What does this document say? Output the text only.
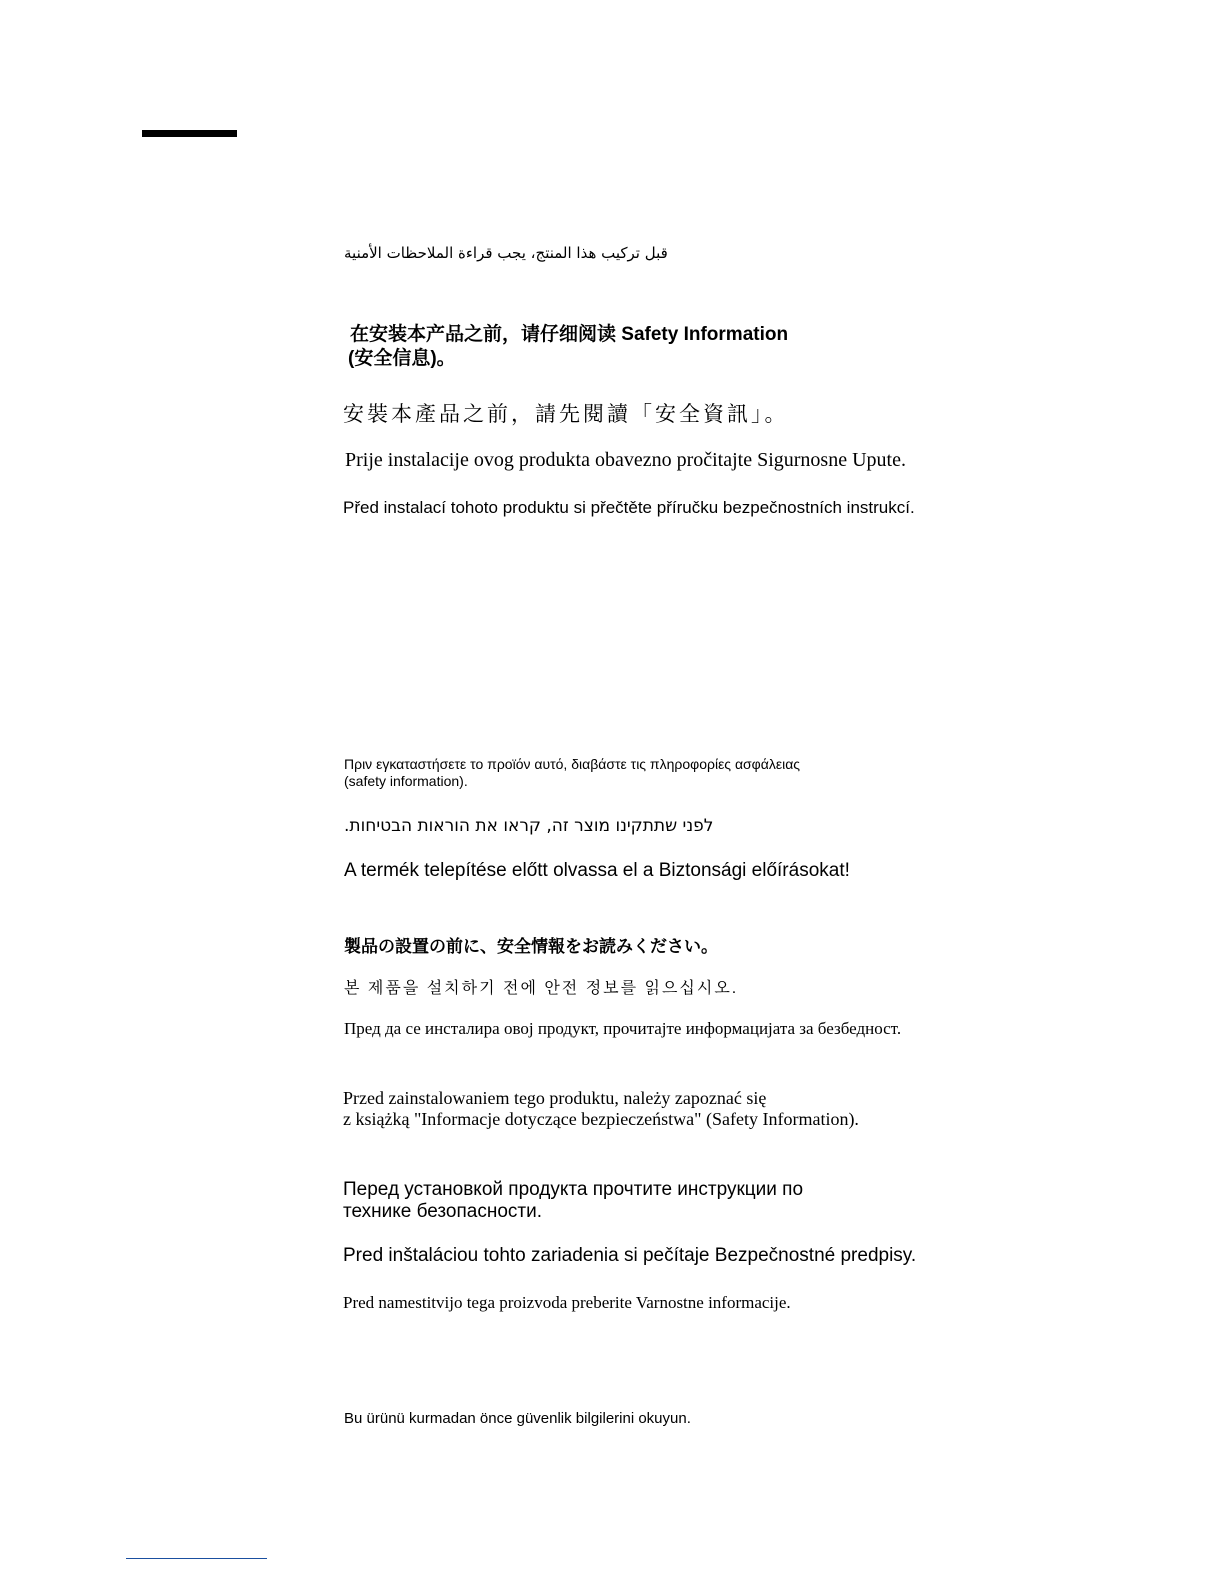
قبل تركيب هذا المنتج، يجب قراءة الملاحظات الأمنية
在安装本产品之前，请仔细阅读 Safety Information
(安全信息)。
安裝本產品之前，請先閱讀「安全資訊」。
Prije instalacije ovog produkta obavezno pročitajte Sigurnosne Upute.
Před instalací tohoto produktu si přečtěte příručku bezpečnostních instrukcí.
Πριν εγκαταστήσετε το προϊόν αυτό, διαβάστε τις πληροφορίες ασφάλειας
(safety information).
לפני שתתקינו מוצר זה, קראו את הוראות הבטיחות.
A termék telepítése előtt olvassa el a Biztonsági előírásokat!
製品の設置の前に、安全情報をお読みください。
본 제품을 설치하기 전에 안전 정보를 읽으십시오.
Пред да се инсталира овој продукт, прочитајте информацијата за безбедност.
Przed zainstalowaniem tego produktu, należy zapoznać się
z książką "Informacje dotyczące bezpieczeństwa" (Safety Information).
Перед установкой продукта прочтите инструкции по
технике безопасности.
Pred inštaláciou tohto zariadenia si pečítaje Bezpečnostné predpisy.
Pred namestitvijo tega proizvoda preberite Varnostne informacije.
Bu ürünü kurmadan önce güvenlik bilgilerini okuyun.
